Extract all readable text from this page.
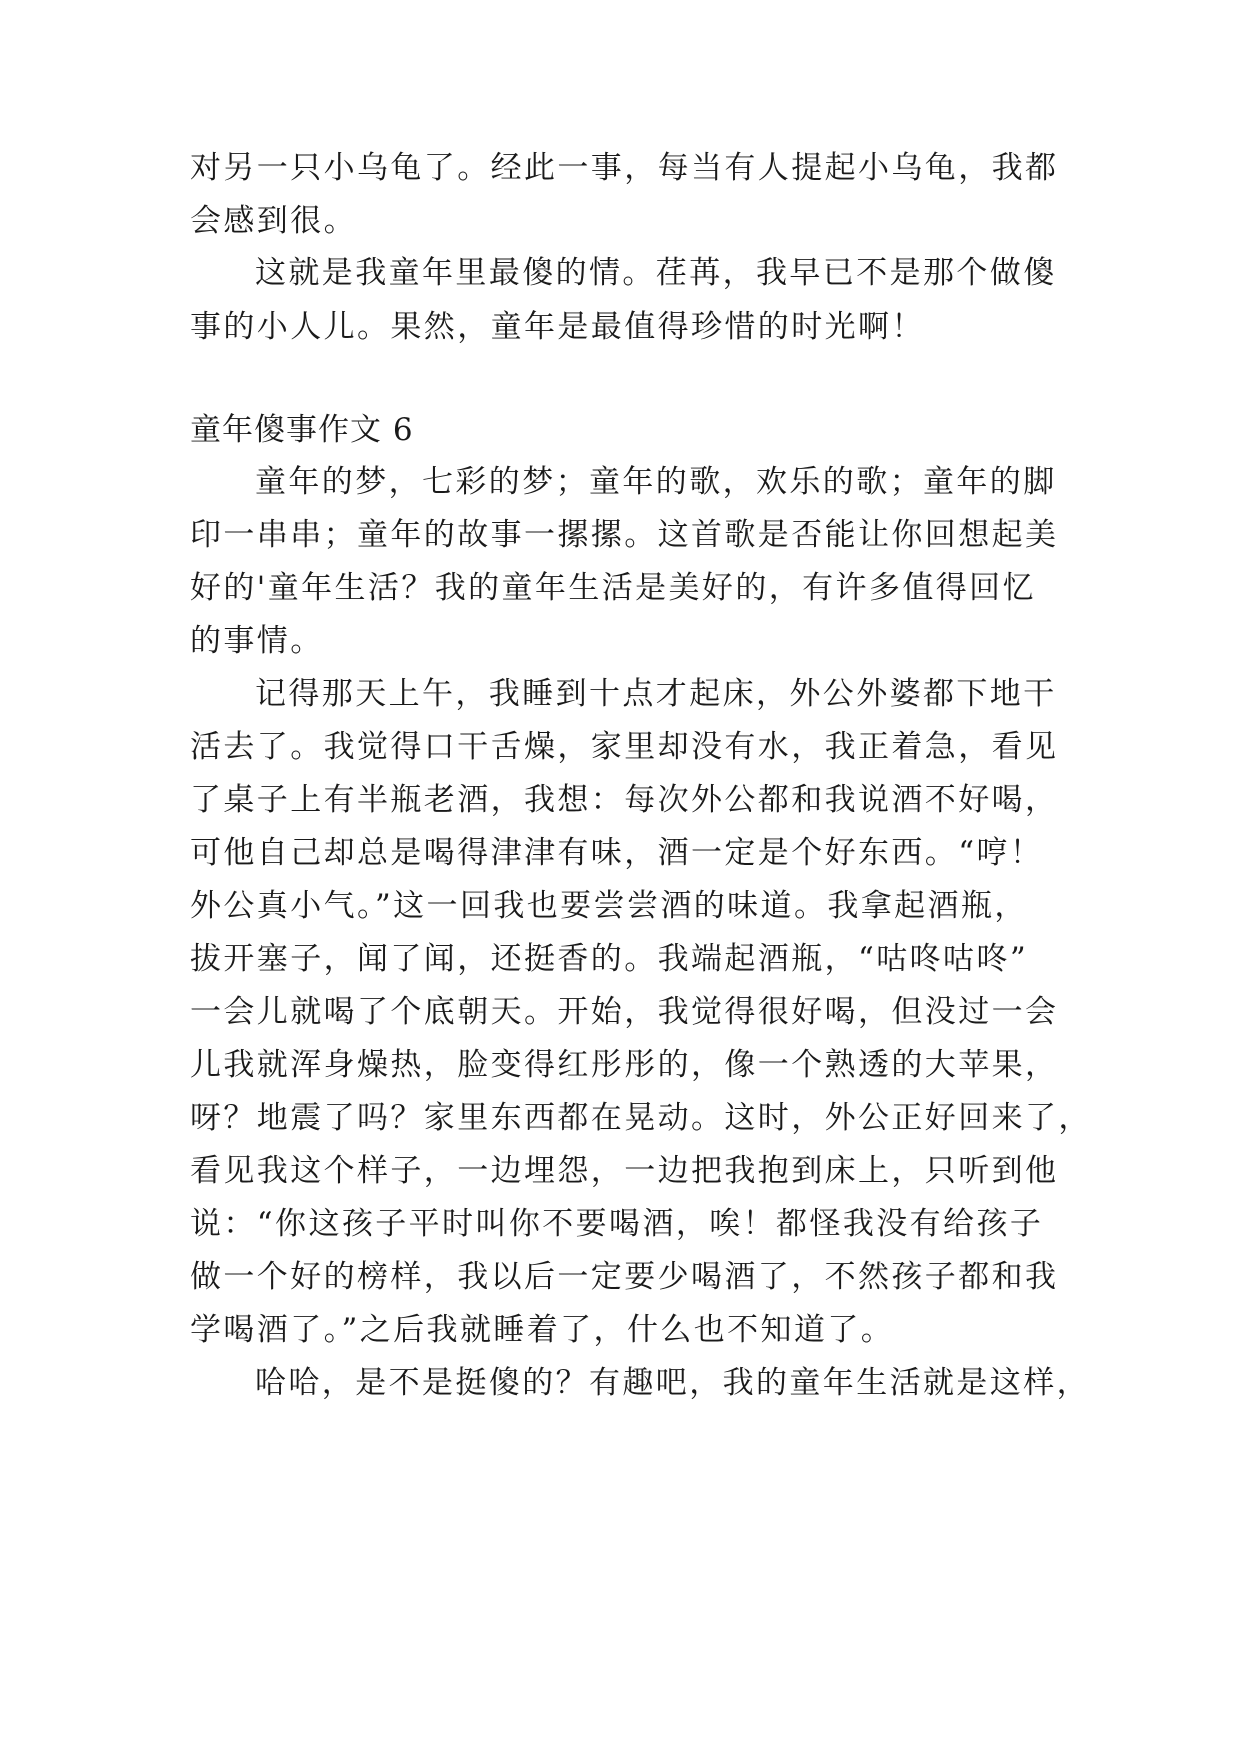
对另一只小乌龟了。经此一事，每当有人提起小乌龟，我都
会感到很。
这就是我童年里最傻的情。荏苒，我早已不是那个做傻
事的小人儿。果然，童年是最值得珍惜的时光啊！
童年傻事作文 6
童年的梦，七彩的梦；童年的歌，欢乐的歌；童年的脚
印一串串；童年的故事一摞摞。这首歌是否能让你回想起美
好的'童年生活？我的童年生活是美好的，有许多值得回忆
的事情。
记得那天上午，我睡到十点才起床，外公外婆都下地干
活去了。我觉得口干舌燥，家里却没有水，我正着急，看见
了桌子上有半瓶老酒，我想：每次外公都和我说酒不好喝，
可他自己却总是喝得津津有味，酒一定是个好东西。“哼！
外公真小气。”这一回我也要尝尝酒的味道。我拿起酒瓶，
拔开塞子，闻了闻，还挺香的。我端起酒瓶，“咕咚咕咚”
一会儿就喝了个底朝天。开始，我觉得很好喝，但没过一会
儿我就浑身燥热，脸变得红彤彤的，像一个熟透的大苹果，
呀？地震了吗？家里东西都在晃动。这时，外公正好回来了，
看见我这个样子，一边埋怨，一边把我抱到床上，只听到他
说：“你这孩子平时叫你不要喝酒，唉！都怪我没有给孩子
做一个好的榜样，我以后一定要少喝酒了，不然孩子都和我
学喝酒了。”之后我就睡着了，什么也不知道了。
哈哈，是不是挺傻的？有趣吧，我的童年生活就是这样，
